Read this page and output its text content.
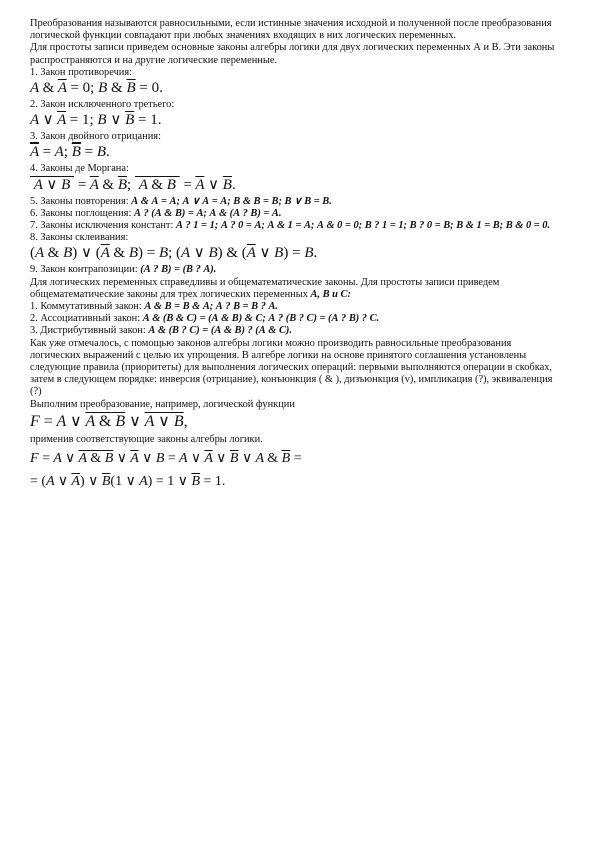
Преобразования называются равносильными, если истинные значения исходной и полученной после преобразования логической функции совпадают при любых значениях входящих в них логических переменных.

Для простоты записи приведем основные законы алгебры логики для двух логических переменных А и В. Эти законы распространяются и на другие логические переменные.

1. Закон противоречия:

A & $\overline{A} = 0$; B & $\overline{B} = 0$.

2. Закон исключенного третьего:

A ∨ $\overline{A} = 1$; B ∨ $\overline{B} = 1$.

3. Закон двойного отрицания:

$\overline{A} = A$; $\overline{B} = B$.

4. Законы де Моргана:

A ∨ $B = \overline{A}$ & $\overline{B}$;  A & $B = \overline{A}$ ∨ $\overline{B}$.

5. Законы повторения: А & А = А; А ∨ А = А; В & В = В; В ∨ В = В.

6. Законы поглощения: А ? (А & В) = А; А & (А ? В) = А.

7. Законы исключения констант: А ? 1 = 1; А ? 0 = А; А & 1 = А; А & 0 = 0; В ? 1 = 1; В ? 0 = В; В & 1 = В; В & 0 = 0.

8. Законы склеивания:

(A & B) ∨ ($\overline{A}$ & B) = B; (A ∨ B) & ($\overline{A}$ ∨ B) = B.

9. Закон контрапозиции: (А ? В) = (В ? А).

Для логических переменных справедливы и общематематические законы. Для простоты записи приведем общематематические законы для трех логических переменных А, В и С:

1. Коммутативный закон: А & В = В & А; А ? В = В ? А.

2. Ассоциативный закон: А & (В & С) = (А & В) & С; А ? (В ? С) = (А ? В) ? С.

3. Дистрибутивный закон: А & (В ? С) = (А & В) ? (А & С).

Как уже отмечалось, с помощью законов алгебры логики можно производить равносильные преобразования логических выражений с целью их упрощения. В алгебре логики на основе принятого соглашения установлены следующие правила (приоритеты) для выполнения логических операций: первыми выполняются операции в скобках, затем в следующем порядке: инверсия (отрицание), конъюнкция ( & ), дизъюнкция (v), импликация (?), эквиваленция (?)

Выполним преобразование, например, логической функции

F = A ∨ A & B ∨ A ∨ B,

применив соответствующие законы алгебры логики.

F = A ∨ A & B ∨ $\overline{A}$ ∨ B = A ∨ $\overline{A}$ ∨ $\overline{B}$ ∨ A & $\overline{B}$ =
= (A ∨ $\overline{A}$) ∨ $\overline{B}(1$ ∨ A) = 1 ∨ $\overline{B} = 1$.
